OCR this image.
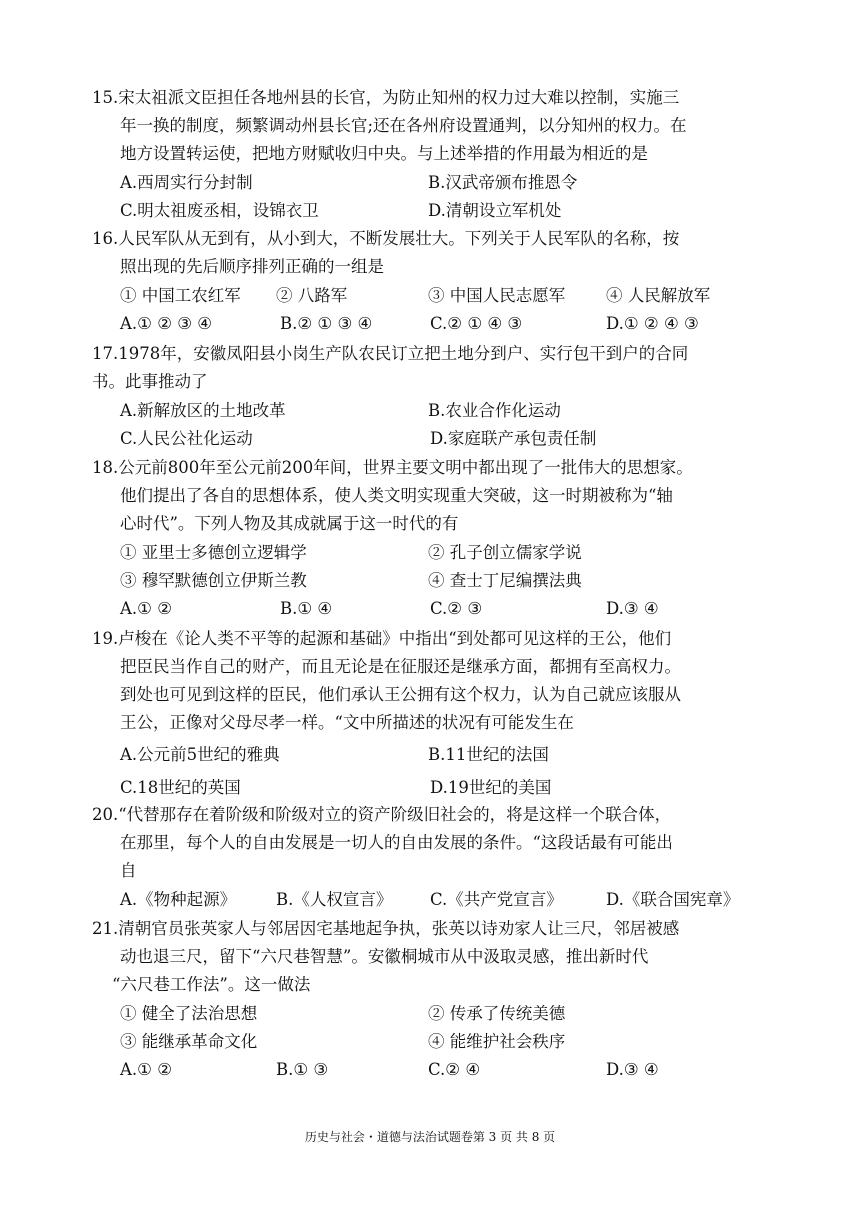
15.宋太祖派文臣担任各地州县的长官，为防止知州的权力过大难以控制，实施三
年一换的制度，频繁调动州县长官;还在各州府设置通判，以分知州的权力。在
地方设置转运使，把地方财赋收归中央。与上述举措的作用最为相近的是
A.西周实行分封制	B.汉武帝颁布推恩令
C.明太祖废丞相，设锦衣卫	D.清朝设立军机处
16.人民军队从无到有，从小到大，不断发展壮大。下列关于人民军队的名称，按
照出现的先后顺序排列正确的一组是
① 中国工农红军 ② 八路军	③ 中国人民志愿军 ④ 人民解放军
A.① ② ③ ④	B.② ① ③ ④	C.② ① ④ ③	D.① ② ④ ③
17.1978年，安徽凤阳县小岗生产队农民订立把土地分到户、实行包干到户的合同
书。此事推动了
A.新解放区的土地改革	B.农业合作化运动
C.人民公社化运动	D.家庭联产承包责任制
18.公元前800年至公元前200年间，世界主要文明中都出现了一批伟大的思想家。
他们提出了各自的思想体系，使人类文明实现重大突破，这一时期被称为“轴
心时代”。下列人物及其成就属于这一时代的有
① 亚里士多德创立逻辑学	② 孔子创立儒家学说
③ 穆罕默德创立伊斯兰教	④ 查士丁尼编撰法典
A.① ②	B.① ④	C.② ③	D.③ ④
19.卢梭在《论人类不平等的起源和基础》中指出“到处都可见这样的王公，他们
把臣民当作自己的财产，而且无论是在征服还是继承方面，都拥有至高权力。
到处也可见到这样的臣民，他们承认王公拥有这个权力，认为自己就应该服从
王公，正像对父母尽孝一样。“文中所描述的状况有可能发生在
A.公元前5世纪的雅典	B.11世纪的法国
C.18世纪的英国	D.19世纪的美国
20.“代替那存在着阶级和阶级对立的资产阶级旧社会的，将是这样一个联合体，
在那里，每个人的自由发展是一切人的自由发展的条件。“这段话最有可能出
自
A.《物种起源》 B.《人权宣言》 C.《共产党宣言》	D.《联合国宪章》
21.清朝官员张英家人与邻居因宅基地起争执，张英以诗劝家人让三尺，邻居被感
动也退三尺，留下“六尺巷智慧”。安徽桐城市从中汲取灵感，推出新时代
“六尺巷工作法”。这一做法
① 健全了法治思想	② 传承了传统美德
③ 能继承革命文化	④ 能维护社会秩序
A.① ②	B.① ③	C.② ④	D.③ ④
历史与社会・道德与法治试题卷第 3 页 共 8 页
